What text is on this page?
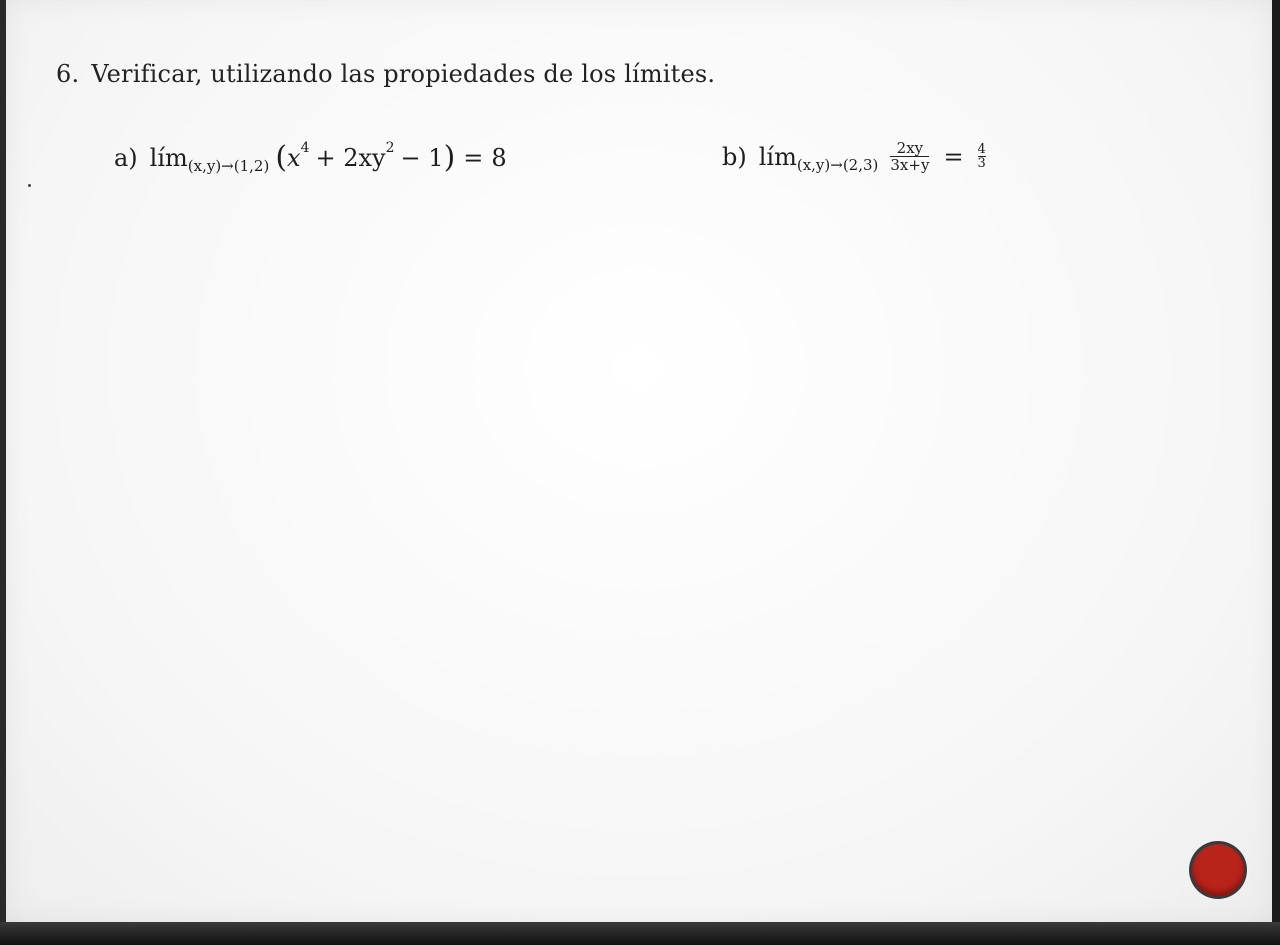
6. Verificar, utilizando las propiedades de los límites.
a) lím (x,y)→(1,2) ( x 4 + 2xy 2 − 1 ) = 8	b) lím $(x,y)\to(2,3) \frac{2xy}{3x+y} = \frac{4}{3}$
